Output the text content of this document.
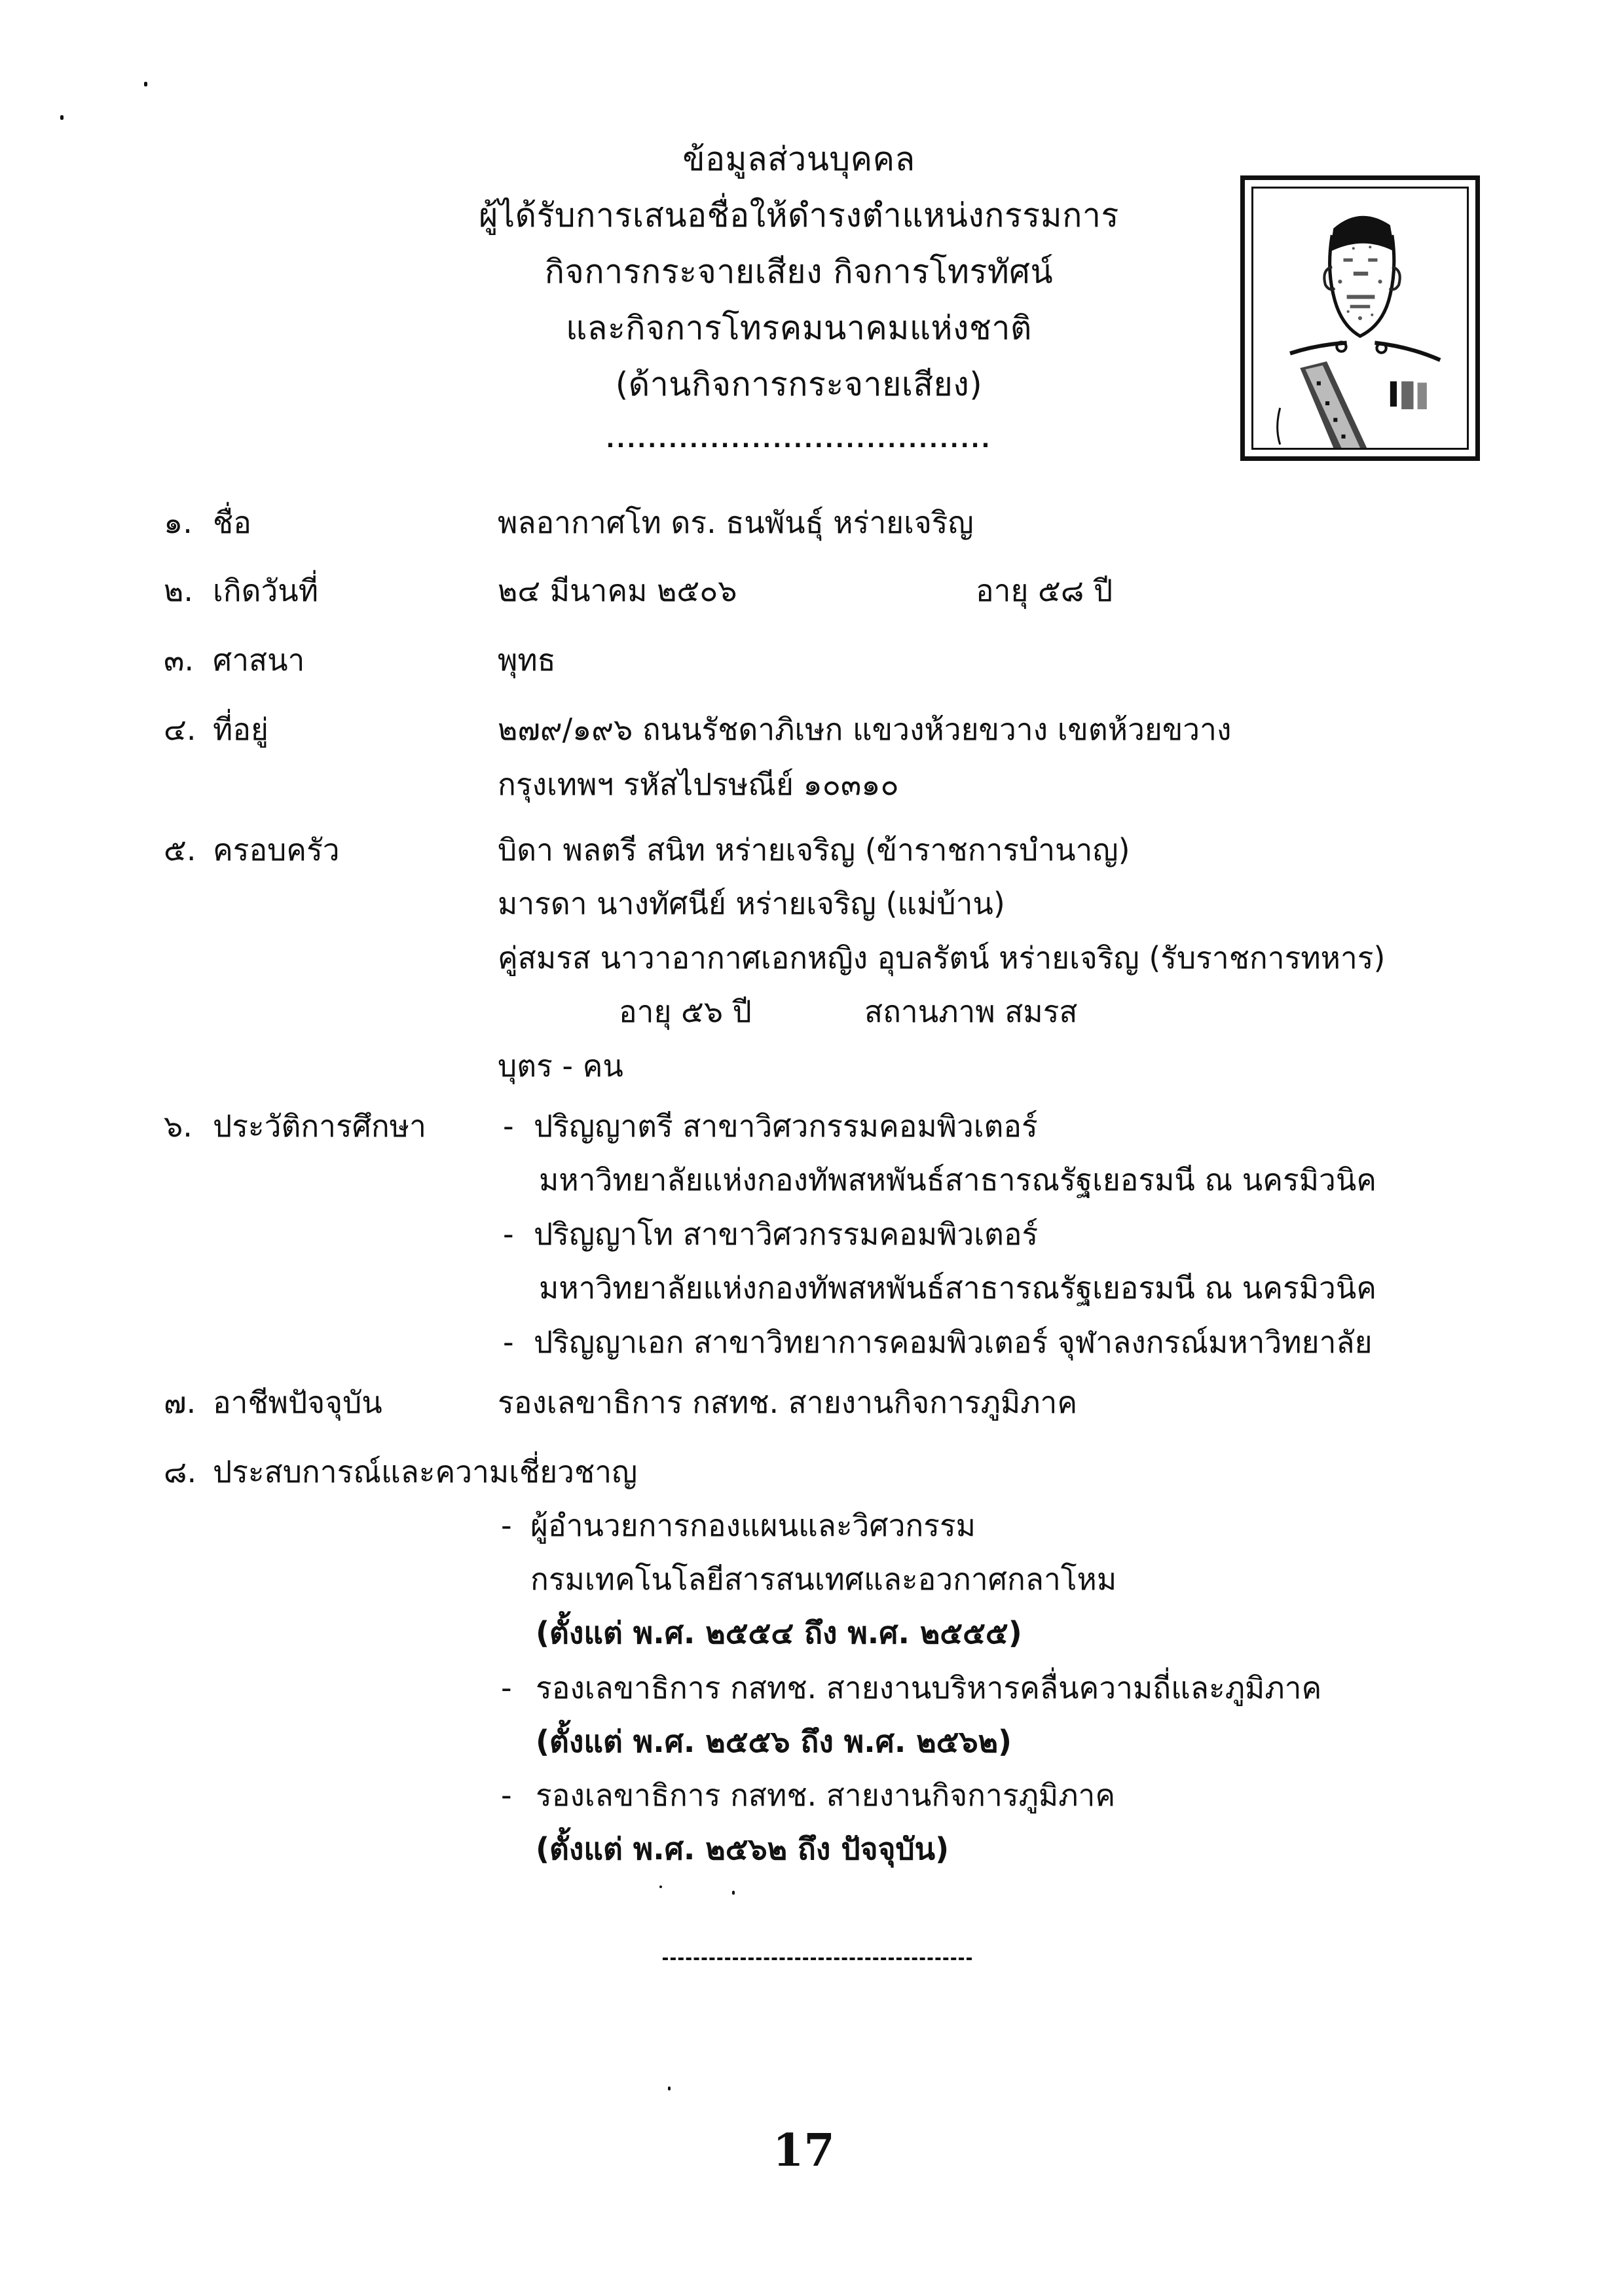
ข้อมูลส่วนบุคคล
ผู้ได้รับการเสนอชื่อให้ดำรงตำแหน่งกรรมการ
กิจการกระจายเสียง กิจการโทรทัศน์
และกิจการโทรคมนาคมแห่งชาติ
(ด้านกิจการกระจายเสียง)
.....................................
๑. ชื่อ	พลอากาศโท ดร. ธนพันธุ์ หร่ายเจริญ
๒. เกิดวันที่	๒๔ มีนาคม ๒๕๐๖	อายุ ๕๘ ปี
๓. ศาสนา	พุทธ
๔. ที่อยู่	๒๗๙/๑๙๖ ถนนรัชดาภิเษก แขวงห้วยขวาง เขตห้วยขวาง
กรุงเทพฯ รหัสไปรษณีย์ ๑๐๓๑๐
๕. ครอบครัว	บิดา พลตรี สนิท หร่ายเจริญ (ข้าราชการบำนาญ)
มารดา นางทัศนีย์ หร่ายเจริญ (แม่บ้าน)
คู่สมรส นาวาอากาศเอกหญิง อุบลรัตน์ หร่ายเจริญ (รับราชการทหาร)
อายุ ๕๖ ปี	สถานภาพ สมรส
บุตร - คน
๖. ประวัติการศึกษา	- ปริญญาตรี สาขาวิศวกรรมคอมพิวเตอร์
มหาวิทยาลัยแห่งกองทัพสหพันธ์สาธารณรัฐเยอรมนี ณ นครมิวนิค
- ปริญญาโท สาขาวิศวกรรมคอมพิวเตอร์
มหาวิทยาลัยแห่งกองทัพสหพันธ์สาธารณรัฐเยอรมนี ณ นครมิวนิค
- ปริญญาเอก สาขาวิทยาการคอมพิวเตอร์ จุฬาลงกรณ์มหาวิทยาลัย
๗. อาชีพปัจจุบัน	รองเลขาธิการ กสทช. สายงานกิจการภูมิภาค
๘. ประสบการณ์และความเชี่ยวชาญ
- ผู้อำนวยการกองแผนและวิศวกรรม
กรมเทคโนโลยีสารสนเทศและอวกาศกลาโหม
(ตั้งแต่ พ.ศ. ๒๕๕๔ ถึง พ.ศ. ๒๕๕๕)
- รองเลขาธิการ กสทช. สายงานบริหารคลื่นความถี่และภูมิภาค
(ตั้งแต่ พ.ศ. ๒๕๕๖ ถึง พ.ศ. ๒๕๖๒)
- รองเลขาธิการ กสทช. สายงานกิจการภูมิภาค
(ตั้งแต่ พ.ศ. ๒๕๖๒ ถึง ปัจจุบัน)
17
